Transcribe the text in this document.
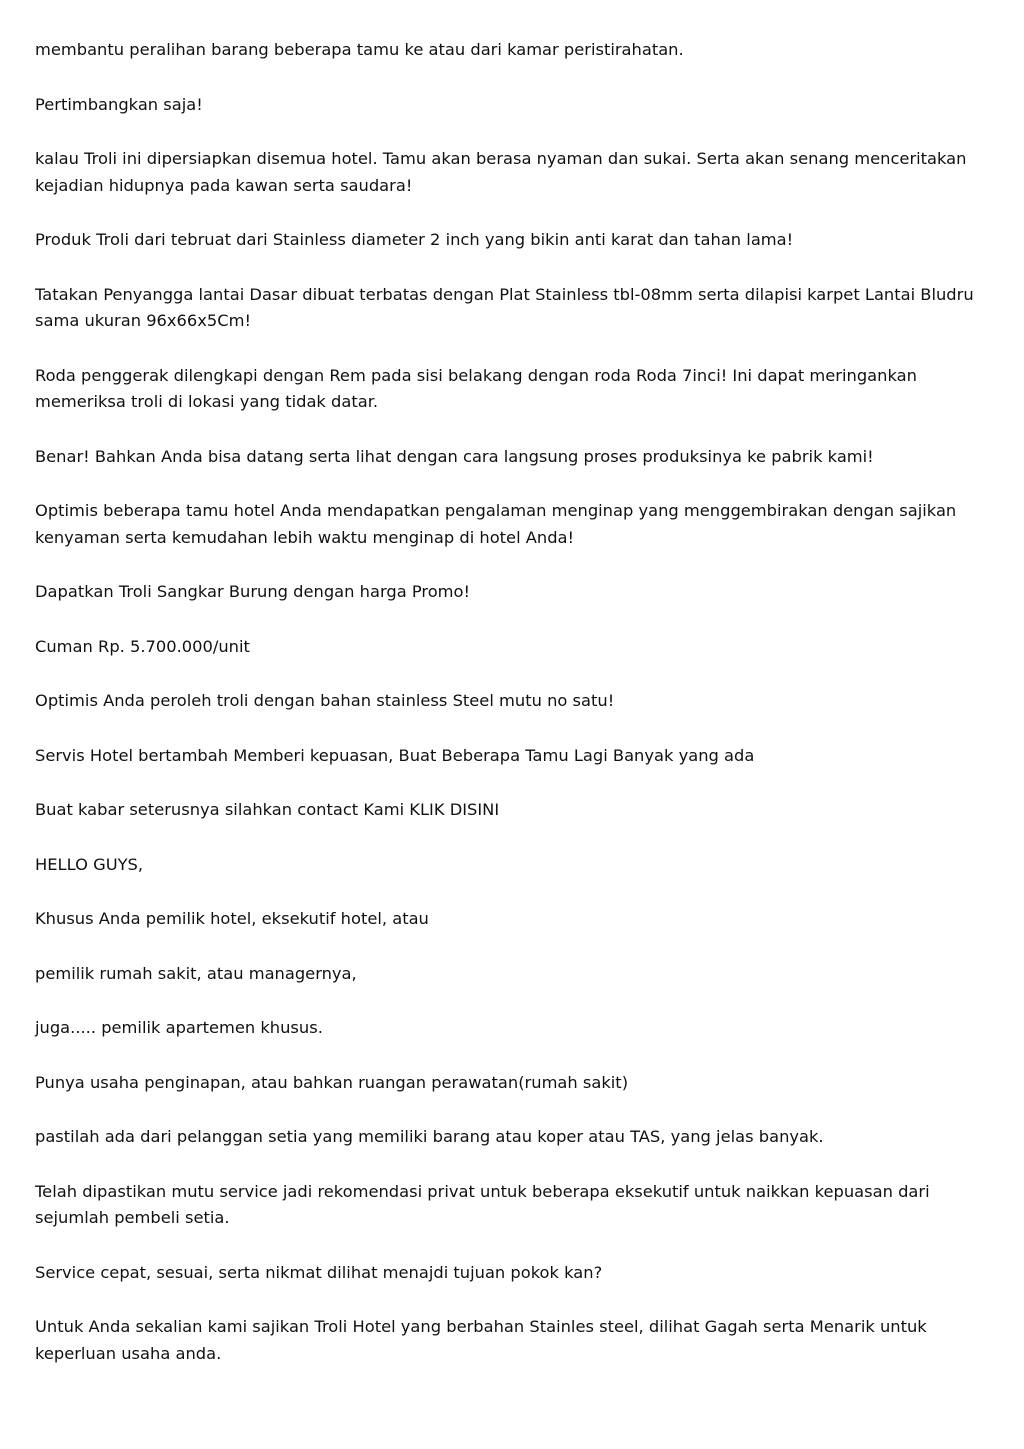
membantu peralihan barang beberapa tamu ke atau dari kamar peristirahatan.

Pertimbangkan saja!

kalau Troli ini dipersiapkan disemua hotel. Tamu akan berasa nyaman dan sukai. Serta akan senang menceritakan kejadian hidupnya pada kawan serta saudara!

Produk Troli dari tebruat dari Stainless diameter 2 inch yang bikin anti karat dan tahan lama!

Tatakan Penyangga lantai Dasar dibuat terbatas dengan Plat Stainless tbl-08mm serta dilapisi karpet Lantai Bludru sama ukuran 96x66x5Cm!

Roda penggerak dilengkapi dengan Rem pada sisi belakang dengan roda Roda 7inci! Ini dapat meringankan memeriksa troli di lokasi yang tidak datar.

Benar! Bahkan Anda bisa datang serta lihat dengan cara langsung proses produksinya ke pabrik kami!

Optimis beberapa tamu hotel Anda mendapatkan pengalaman menginap yang menggembirakan dengan sajikan kenyaman serta kemudahan lebih waktu menginap di hotel Anda!

Dapatkan Troli Sangkar Burung dengan harga Promo!

Cuman Rp. 5.700.000/unit

Optimis Anda peroleh troli dengan bahan stainless Steel mutu no satu!

Servis Hotel bertambah Memberi kepuasan, Buat Beberapa Tamu Lagi Banyak yang ada

Buat kabar seterusnya silahkan contact Kami KLIK DISINI

HELLO GUYS,

Khusus Anda pemilik hotel, eksekutif hotel, atau

pemilik rumah sakit, atau managernya,

juga..... pemilik apartemen khusus.

Punya usaha penginapan, atau bahkan ruangan perawatan(rumah sakit)

pastilah ada dari pelanggan setia yang memiliki barang atau koper atau TAS, yang jelas banyak.

Telah dipastikan mutu service jadi rekomendasi privat untuk beberapa eksekutif untuk naikkan kepuasan dari sejumlah pembeli setia.

Service cepat, sesuai, serta nikmat dilihat menajdi tujuan pokok kan?

Untuk Anda sekalian kami sajikan Troli Hotel yang berbahan Stainles steel, dilihat Gagah serta Menarik untuk keperluan usaha anda.
